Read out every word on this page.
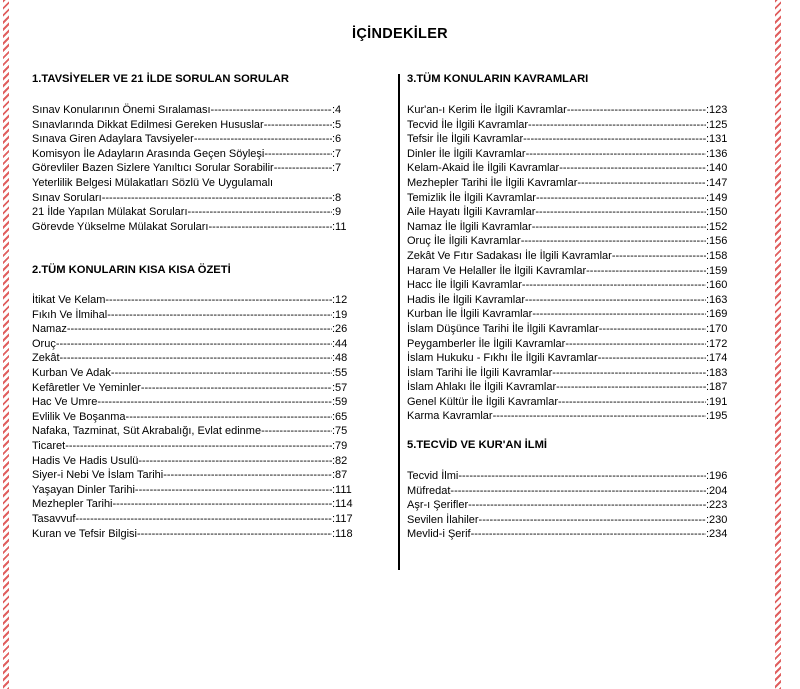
İÇİNDEKİLER
1.TAVSİYELER VE 21 İLDE SORULAN SORULAR
Sınav Konularının Önemi Sıralaması -----	:4
Sınavlarında Dikkat Edilmesi Gereken Hususlar -----	:5
Sınava Giren Adaylara Tavsiyeler -----	:6
Komisyon İle Adayların Arasında Geçen Söyleşi -----	:7
Görevliler Bazen Sizlere Yanıltıcı Sorular Sorabilir -----	:7
Yeterlilik Belgesi Mülakatları Sözlü Ve Uygulamalı
Sınav Soruları -----	:8
21 İlde Yapılan Mülakat Soruları -----	:9
Görevde Yükselme Mülakat Soruları -----	:11
2.TÜM KONULARIN KISA KISA ÖZETİ
İtikat Ve Kelam -----	:12
Fıkıh Ve İlmihal -----	:19
Namaz -----	:26
Oruç -----	:44
Zekât -----	:48
Kurban Ve Adak -----	:55
Kefâretler Ve Yeminler -----	:57
Hac Ve Umre -----	:59
Evlilik Ve Boşanma -----	:65
Nafaka, Tazminat, Süt Akrabalığı, Evlat edinme -----	:75
Ticaret -----	:79
Hadis Ve Hadis Usulü -----	:82
Siyer-i Nebi Ve İslam Tarihi -----	:87
Yaşayan Dinler Tarihi -----	:111
Mezhepler Tarihi -----	:114
Tasavvuf -----	:117
Kuran ve Tefsir Bilgisi -----	:118
3.TÜM KONULARIN KAVRAMLARI
Kur'an-ı Kerim İle İlgili Kavramlar -----	:123
Tecvid İle İlgili Kavramlar -----	:125
Tefsir İle İlgili Kavramlar -----	:131
Dinler İle İlgili Kavramlar -----	:136
Kelam-Akaid İle İlgili Kavramlar -----	:140
Mezhepler Tarihi İle İlgili Kavramlar -----	:147
Temizlik İle İlgili Kavramlar -----	:149
Aile Hayatı İlgili Kavramlar -----	:150
Namaz İle İlgili Kavramlar -----	:152
Oruç İle İlgili Kavramlar -----	:156
Zekât Ve Fıtır Sadakası İle İlgili Kavramlar -----	:158
Haram Ve Helaller İle İlgili Kavramlar -----	:159
Hacc İle İlgili Kavramlar -----	:160
Hadis İle İlgili Kavramlar -----	:163
Kurban İle İlgili Kavramlar -----	:169
İslam Düşünce Tarihi İle İlgili Kavramlar -----	:170
Peygamberler İle İlgili Kavramlar -----	:172
İslam Hukuku - Fıkhı İle İlgili Kavramlar -----	:174
İslam Tarihi İle İlgili Kavramlar -----	:183
İslam Ahlakı İle İlgili Kavramlar -----	:187
Genel Kültür İle İlgili Kavramlar -----	:191
Karma Kavramlar -----	:195
5.TECVİD VE KUR'AN İLMİ
Tecvid İlmi -----	:196
Müfredat -----	:204
Aşr-ı Şerifler -----	:223
Sevilen İlahiler -----	:230
Mevlid-i Şerif -----	:234
